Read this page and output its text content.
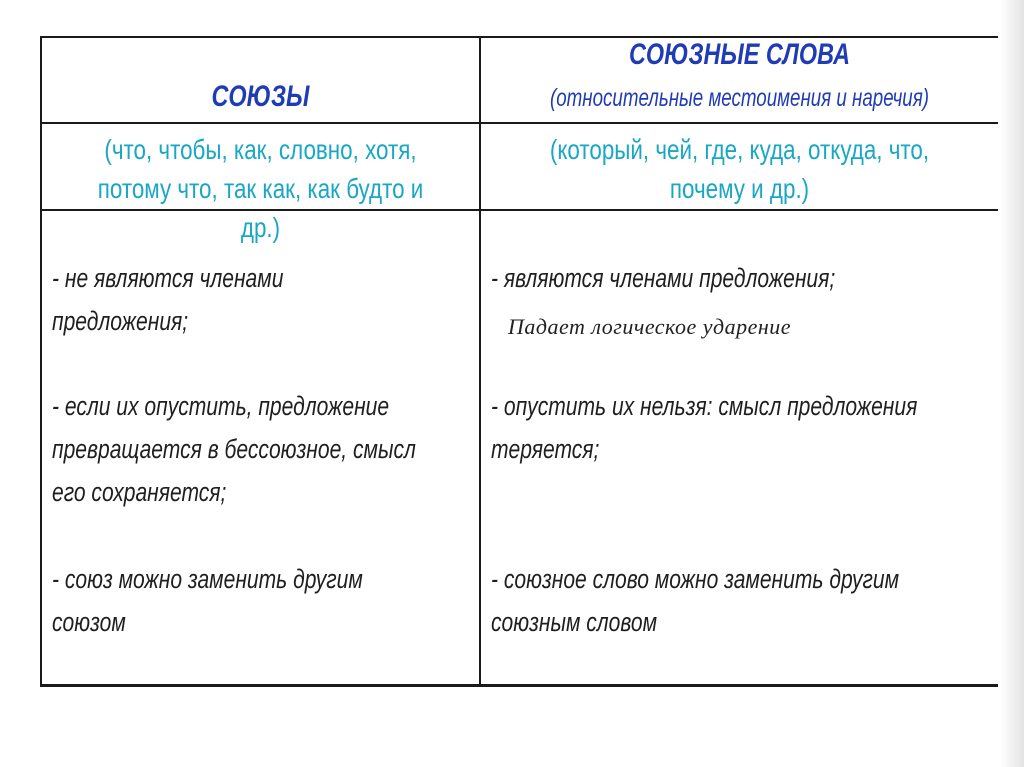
СОЮЗЫ
СОЮЗНЫЕ СЛОВА
(относительные местоимения и наречия)
(что, чтобы, как, словно, хотя,
потому что, так как, как будто и др.)
(который, чей, где, куда, откуда, что,
почему и др.)
- не являются членами
предложения;
- если их опустить, предложение
превращается в бессоюзное, смысл
его сохраняется;
- союз можно заменить другим
союзом
- являются членами предложения;
Падает логическое ударение
- опустить их нельзя: смысл предложения
теряется;
- союзное слово можно заменить другим
союзным словом
